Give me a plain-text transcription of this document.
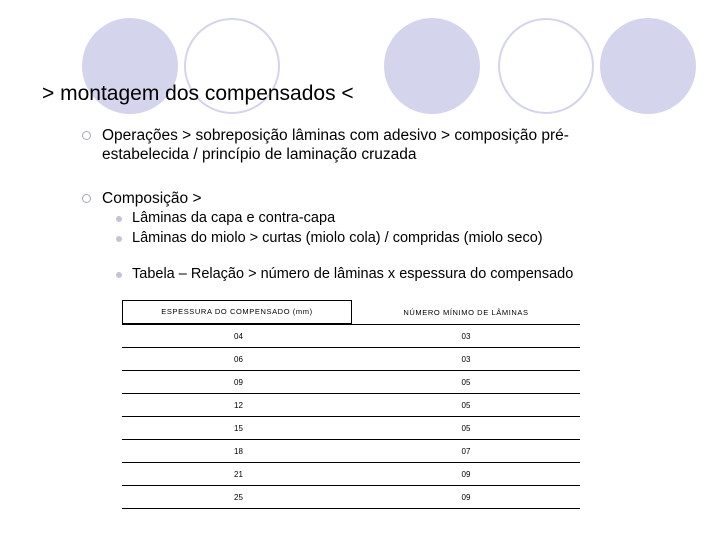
> montagem dos compensados <
Operações > sobreposição lâminas com adesivo > composição pré-
estabelecida / princípio de laminação cruzada
Composição >
Lâminas da capa e contra-capa
Lâminas do miolo > curtas (miolo cola) / compridas (miolo seco)
Tabela – Relação > número de lâminas x espessura do compensado
ESPESSURA DO COMPENSADO (mm)	NÚMERO MÍNIMO DE LÂMINAS
04	03
06	03
09	05
12	05
15	05
18	07
21	09
25	09
